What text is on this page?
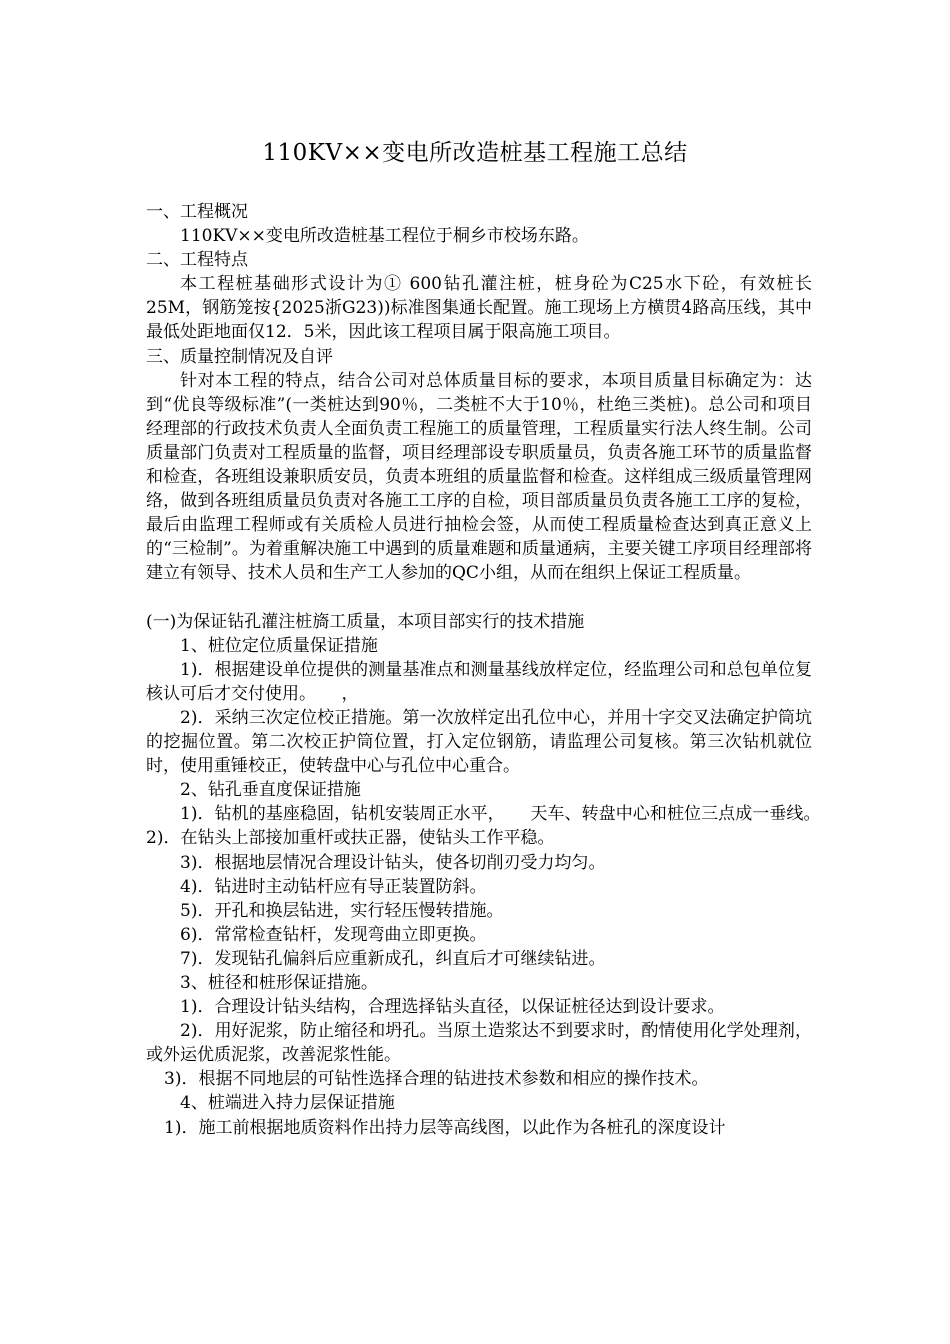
110KV××变电所改造桩基工程施工总结

一、工程概况

110KV××变电所改造桩基工程位于桐乡市校场东路。

二、工程特点

本工程桩基础形式设计为① 600钻孔灌注桩，桩身砼为C25水下砼，有效桩长25M，钢筋笼按{2025浙G23))标准图集通长配置。施工现场上方横贯4路高压线，其中最低处距地面仅12．5米，因此该工程项目属于限高施工项目。

三、质量控制情况及自评

针对本工程的特点，结合公司对总体质量目标的要求，本项目质量目标确定为：达到“优良等级标准”(一类桩达到90％，二类桩不大于10％，杜绝三类桩)。总公司和项目经理部的行政技术负责人全面负责工程施工的质量管理，工程质量实行法人终生制。公司质量部门负责对工程质量的监督，项目经理部设专职质量员，负责各施工环节的质量监督和检查，各班组设兼职质安员，负责本班组的质量监督和检查。这样组成三级质量管理网络，做到各班组质量员负责对各施工工序的自检，项目部质量员负责各施工工序的复检，最后由监理工程师或有关质检人员进行抽检会签，从而使工程质量检查达到真正意义上的“三检制”。为着重解决施工中遇到的质量难题和质量通病，主要关键工序项目经理部将建立有领导、技术人员和生产工人参加的QC小组，从而在组织上保证工程质量。

(一)为保证钻孔灌注桩旖工质量，本项目部实行的技术措施

1、桩位定位质量保证措施

1)．根据建设单位提供的测量基准点和测量基线放样定位，经监理公司和总包单位复核认可后才交付使用。　　，

2)．采纳三次定位校正措施。第一次放样定出孔位中心，并用十字交叉法确定护筒坑的挖掘位置。第二次校正护筒位置，打入定位钢筋，请监理公司复核。第三次钻机就位时，使用重锤校正，使转盘中心与孔位中心重合。

2、钻孔垂直度保证措施

1)．钻机的基座稳固，钻机安装周正水平，　　天车、转盘中心和桩位三点成一垂线。　　2)．在钻头上部接加重杆或扶正器，使钻头工作平稳。

3)．根据地层情况合理设计钻头，使各切削刃受力均匀。

4)．钻进时主动钻杆应有导正装置防斜。

5)．开孔和换层钻进，实行轻压慢转措施。

6)．常常检查钻杆，发现弯曲立即更换。

7)．发现钻孔偏斜后应重新成孔，纠直后才可继续钻进。

3、桩径和桩形保证措施。

1)．合理设计钻头结构，合理选择钻头直径，以保证桩径达到设计要求。

2)．用好泥浆，防止缩径和坍孔。当原土造浆达不到要求时，酌情使用化学处理剂，或外运优质泥浆，改善泥浆性能。

3)．根据不同地层的可钻性选择合理的钻进技术参数和相应的操作技术。

4、桩端进入持力层保证措施

1)．施工前根据地质资料作出持力层等高线图，以此作为各桩孔的深度设计
